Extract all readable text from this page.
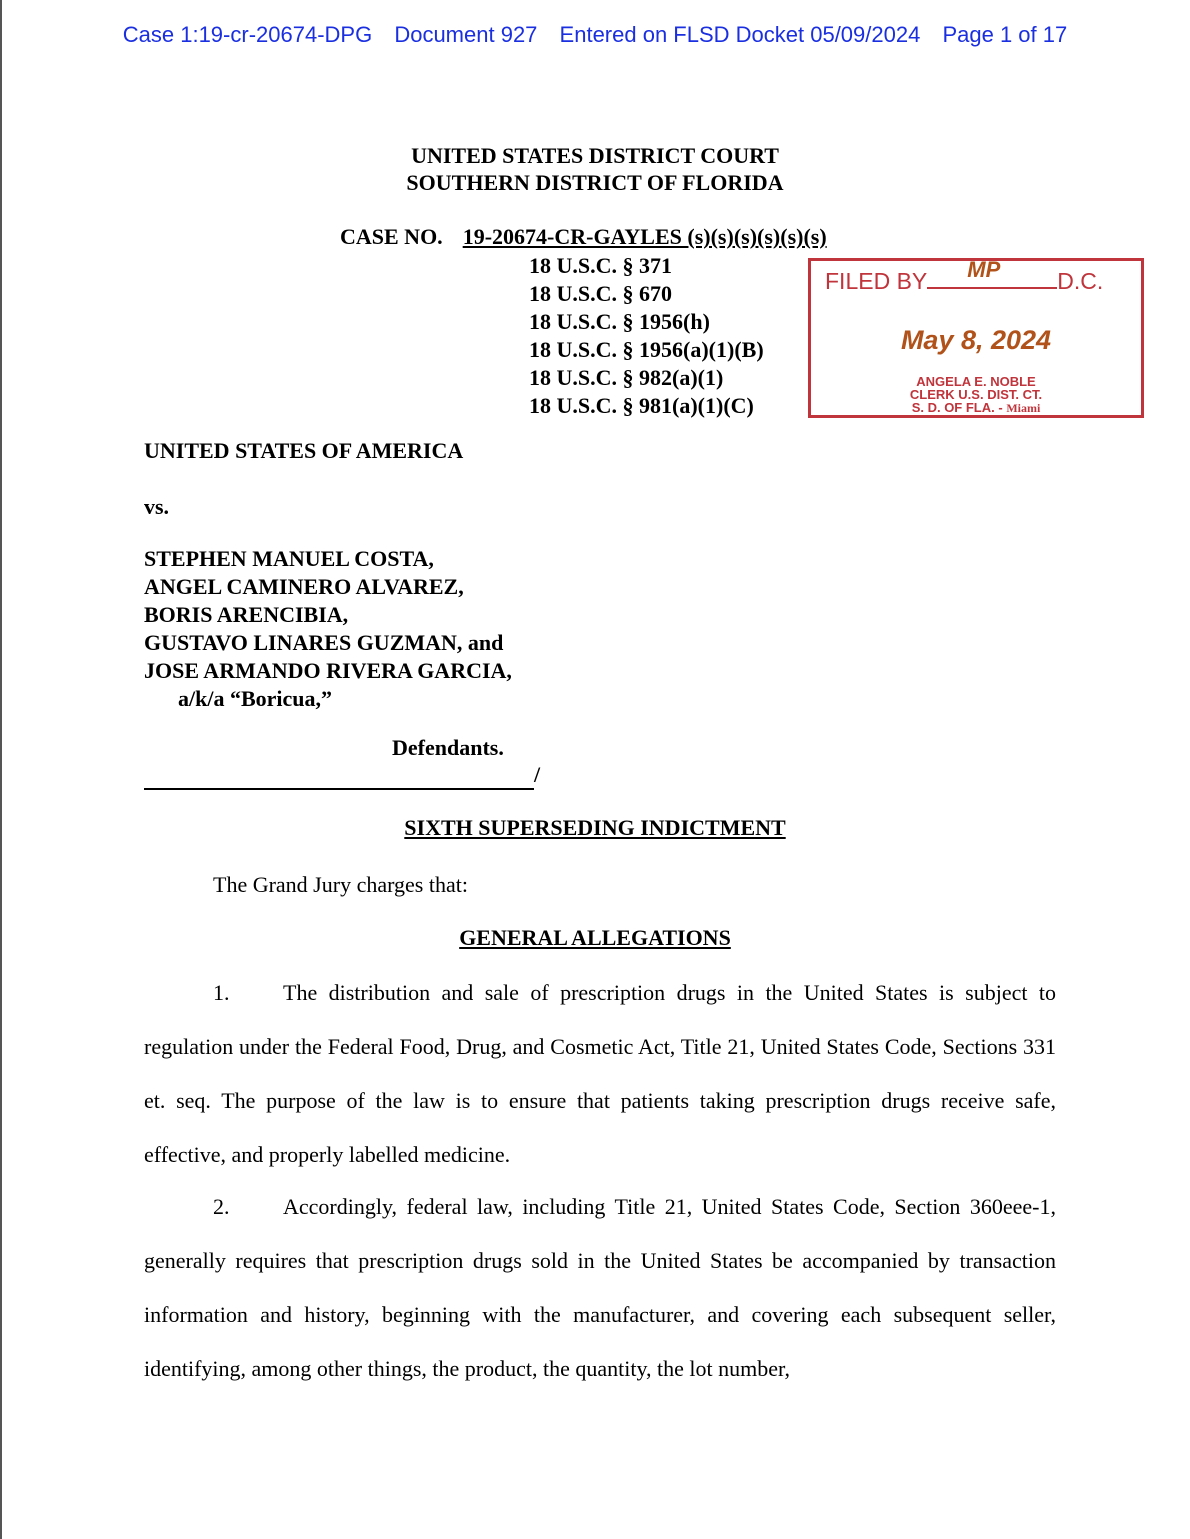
Case 1:19-cr-20674-DPG Document 927 Entered on FLSD Docket 05/09/2024 Page 1 of 17
UNITED STATES DISTRICT COURT
SOUTHERN DISTRICT OF FLORIDA
CASE NO. 19-20674-CR-GAYLES (s)(s)(s)(s)(s)(s)
18 U.S.C. § 371
18 U.S.C. § 670
18 U.S.C. § 1956(h)
18 U.S.C. § 1956(a)(1)(B)
18 U.S.C. § 982(a)(1)
18 U.S.C. § 981(a)(1)(C)
FILED BY MP D.C.
May 8, 2024
ANGELA E. NOBLE
CLERK U.S. DIST. CT.
S. D. OF FLA. - Miami
UNITED STATES OF AMERICA
vs.
STEPHEN MANUEL COSTA,
ANGEL CAMINERO ALVAREZ,
BORIS ARENCIBIA,
GUSTAVO LINARES GUZMAN, and
JOSE ARMANDO RIVERA GARCIA,
a/k/a “Boricua,”
Defendants.
/
SIXTH SUPERSEDING INDICTMENT
The Grand Jury charges that:
GENERAL ALLEGATIONS
1. The distribution and sale of prescription drugs in the United States is subject to regulation under the Federal Food, Drug, and Cosmetic Act, Title 21, United States Code, Sections 331 et. seq. The purpose of the law is to ensure that patients taking prescription drugs receive safe, effective, and properly labelled medicine.
2. Accordingly, federal law, including Title 21, United States Code, Section 360eee-1, generally requires that prescription drugs sold in the United States be accompanied by transaction information and history, beginning with the manufacturer, and covering each subsequent seller, identifying, among other things, the product, the quantity, the lot number,
